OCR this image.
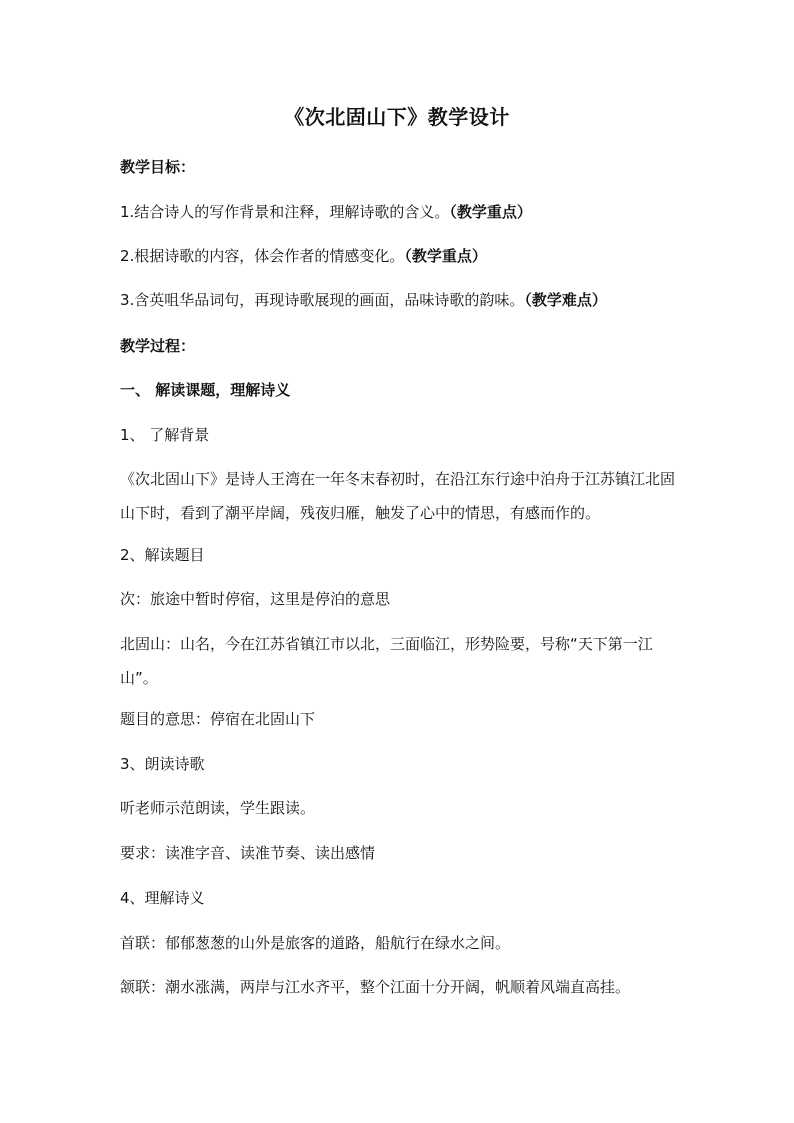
《次北固山下》教学设计
教学目标：
1.结合诗人的写作背景和注释，理解诗歌的含义。（教学重点）
2.根据诗歌的内容，体会作者的情感变化。（教学重点）
3.含英咀华品词句，再现诗歌展现的画面，品味诗歌的韵味。（教学难点）
教学过程：
一、 解读课题，理解诗义
1、 了解背景
《次北固山下》是诗人王湾在一年冬末春初时，在沿江东行途中泊舟于江苏镇江北固山下时，看到了潮平岸阔，残夜归雁，触发了心中的情思，有感而作的。
2、解读题目
次：旅途中暂时停宿，这里是停泊的意思
北固山：山名，今在江苏省镇江市以北，三面临江，形势险要，号称“天下第一江山”。
题目的意思：停宿在北固山下
3、朗读诗歌
听老师示范朗读，学生跟读。
要求：读准字音、读准节奏、读出感情
4、理解诗义
首联：郁郁葱葱的山外是旅客的道路，船航行在绿水之间。
颔联：潮水涨满，两岸与江水齐平，整个江面十分开阔，帆顺着风端直高挂。
